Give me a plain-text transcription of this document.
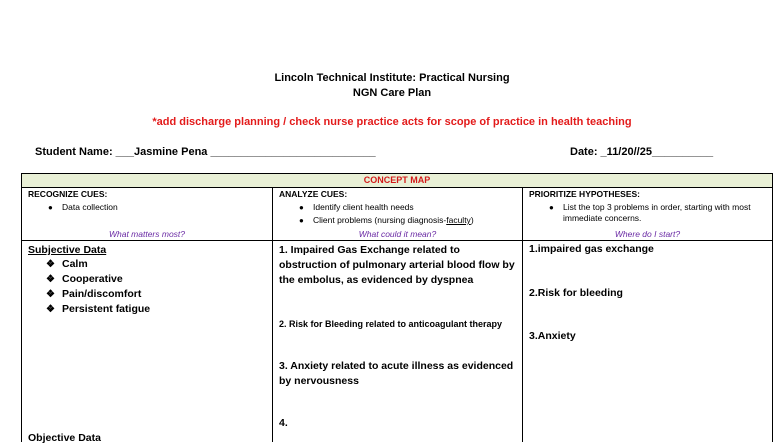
Lincoln Technical Institute: Practical Nursing
NGN Care Plan
*add discharge planning / check nurse practice acts for scope of practice in health teaching
Student Name: ___Jasmine Pena ___________________________	Date: _11/20//25__________
CONCEPT MAP
RECOGNIZE CUES:
● Data collection
What matters most?
ANALYZE CUES:
● Identify client health needs
● Client problems (nursing diagnosis-faculty)
What could it mean?
PRIORITIZE HYPOTHESES:
● List the top 3 problems in order, starting with most immediate concerns.
Where do I start?
Subjective Data
❖ Calm
❖ Cooperative
❖ Pain/discomfort
❖ Persistent fatigue
Objective Data
1. Impaired Gas Exchange related to obstruction of pulmonary arterial blood flow by the embolus, as evidenced by dyspnea
2. Risk for Bleeding related to anticoagulant therapy
3. Anxiety related to acute illness as evidenced by nervousness
4.
1.impaired gas exchange
2.Risk for bleeding
3.Anxiety
